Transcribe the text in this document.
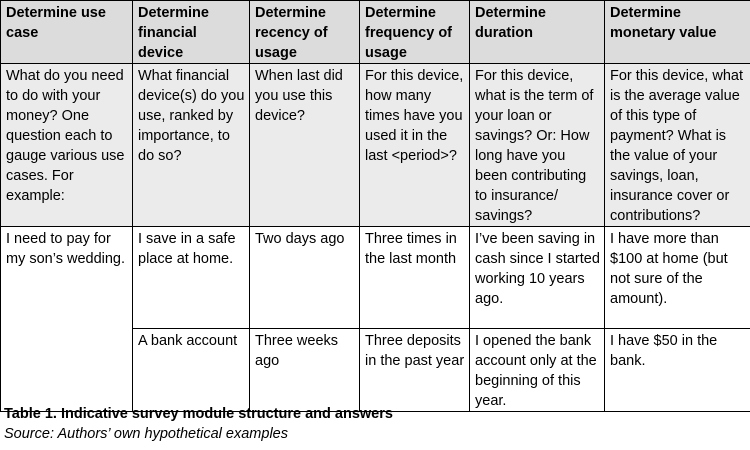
Determine use case	Determine financial device	Determine recency of usage	Determine frequency of usage	Determine duration	Determine monetary value
What do you need to do with your money? One question each to gauge various use cases. For example:	What financial device(s) do you use, ranked by importance, to do so?	When last did you use this device?	For this device, how many times have you used it in the last <period>?	For this device, what is the term of your loan or savings? Or: How long have you been contributing to insurance/ savings?	For this device, what is the average value of this type of payment? What is the value of your savings, loan, insurance cover or contributions?
I need to pay for my son’s wedding.	I save in a safe place at home.	Two days ago	Three times in the last month	I’ve been saving in cash since I started working 10 years ago.	I have more than $100 at home (but not sure of the amount).
	A bank account	Three weeks ago	Three deposits in the past year	I opened the bank account only at the beginning of this year.	I have $50 in the bank.
Table 1. Indicative survey module structure and answers
Source: Authors’ own hypothetical examples
